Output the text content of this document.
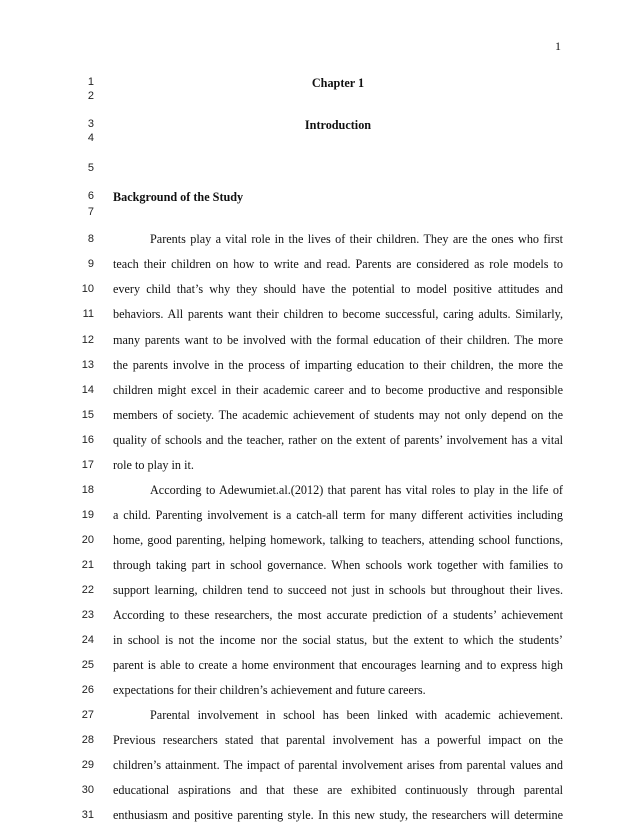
1
1
2
3
4
5
6
7
8
9
10
11
12
13
14
15
16
17
18
19
20
21
22
23
24
25
26
27
28
29
30
31
Chapter 1
Introduction
Background of the Study
Parents play a vital role in the lives of their children. They are the ones who first
teach their children on how to write and read. Parents are considered as role models to
every child that’s why they should have the potential to model positive attitudes and
behaviors. All parents want their children to become successful, caring adults. Similarly,
many parents want to be involved with the formal education of their children. The more
the parents involve in the process of imparting education to their children, the more the
children might excel in their academic career and to become productive and responsible
members of society. The academic achievement of students may not only depend on the
quality of schools and the teacher, rather on the extent of parents’ involvement has a vital
role to play in it.
According to Adewumiet.al.(2012) that parent has vital roles to play in the life of
a child. Parenting involvement is a catch-all term for many different activities including
home, good parenting, helping homework, talking to teachers, attending school functions,
through taking part in school governance. When schools work together with families to
support learning, children tend to succeed not just in schools but throughout their lives.
According to these researchers, the most accurate prediction of a students’ achievement
in school is not the income nor the social status, but the extent to which the students’
parent is able to create a home environment that encourages learning and to express high
expectations for their children’s achievement and future careers.
Parental involvement in school has been linked with academic achievement.
Previous researchers stated that parental involvement has a powerful impact on the
children’s attainment. The impact of parental involvement arises from parental values and
educational aspirations and that these are exhibited continuously through parental
enthusiasm and positive parenting style. In this new study, the researchers will determine
